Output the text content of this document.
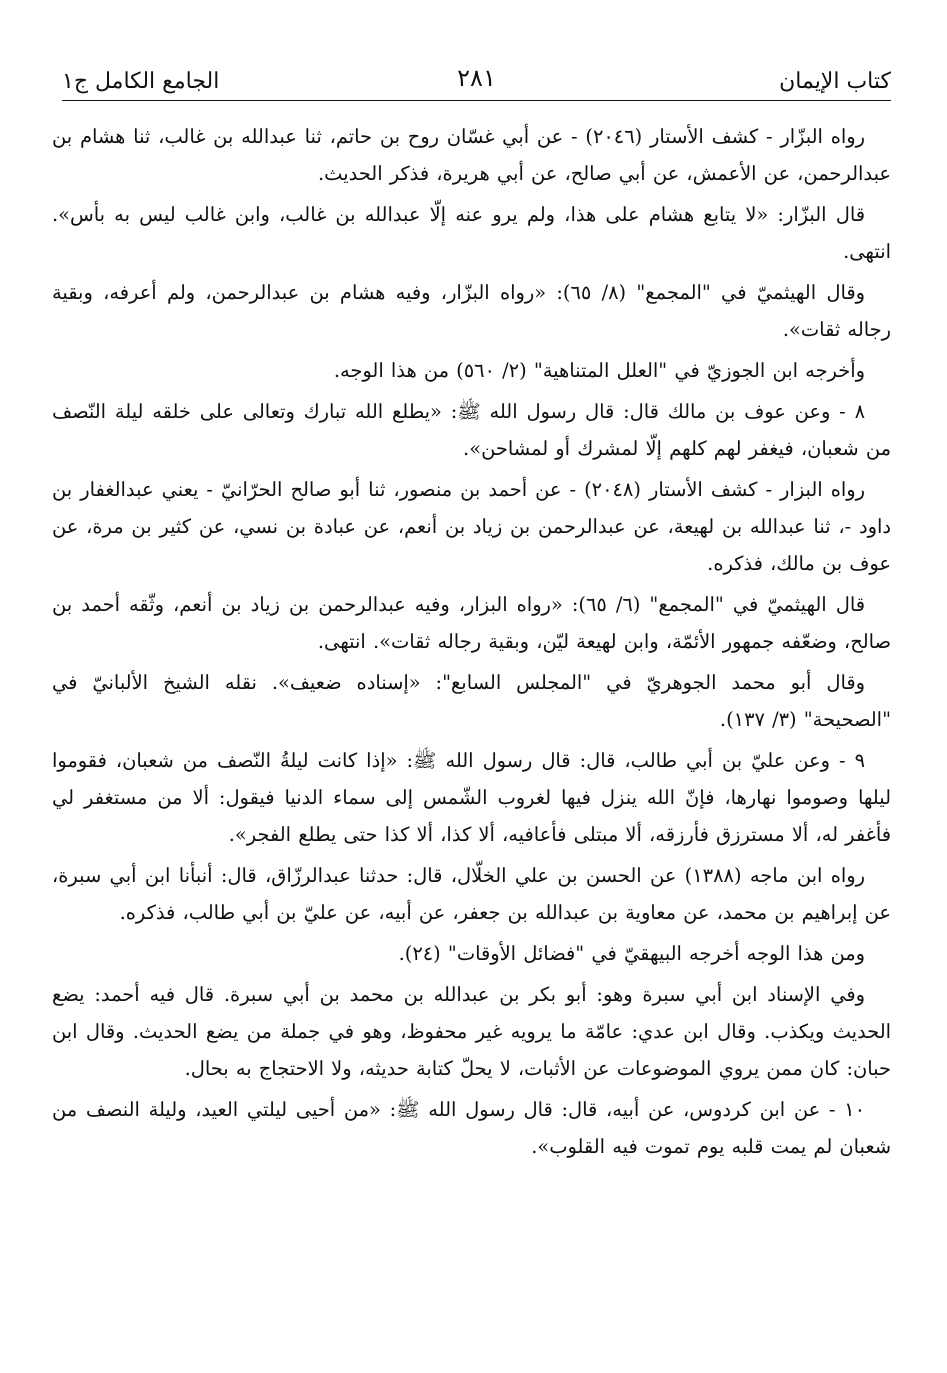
كتاب الإيمان
٢٨١
الجامع الكامل ج١

رواه البزّار - كشف الأستار (٢٠٤٦) - عن أبي غسّان روح بن حاتم، ثنا عبدالله بن غالب، ثنا هشام بن عبدالرحمن، عن الأعمش، عن أبي صالح، عن أبي هريرة، فذكر الحديث.

قال البزّار: «لا يتابع هشام على هذا، ولم يرو عنه إلّا عبدالله بن غالب، وابن غالب ليس به بأس». انتهى.

وقال الهيثميّ في "المجمع" (٨/ ٦٥): «رواه البزّار، وفيه هشام بن عبدالرحمن، ولم أعرفه، وبقية رجاله ثقات».

وأخرجه ابن الجوزيّ في "العلل المتناهية" (٢/ ٥٦٠) من هذا الوجه.

٨ - وعن عوف بن مالك قال: قال رسول الله ﷺ: «يطلع الله تبارك وتعالى على خلقه ليلة النّصف من شعبان، فيغفر لهم كلهم إلّا لمشرك أو لمشاحن».

رواه البزار - كشف الأستار (٢٠٤٨) - عن أحمد بن منصور، ثنا أبو صالح الحرّانيّ - يعني عبدالغفار بن داود -، ثنا عبدالله بن لهيعة، عن عبدالرحمن بن زياد بن أنعم، عن عبادة بن نسي، عن كثير بن مرة، عن عوف بن مالك، فذكره.

قال الهيثميّ في "المجمع" (٦/ ٦٥): «رواه البزار، وفيه عبدالرحمن بن زياد بن أنعم، وثّقه أحمد بن صالح، وضعّفه جمهور الأئمّة، وابن لهيعة ليّن، وبقية رجاله ثقات». انتهى.

وقال أبو محمد الجوهريّ في "المجلس السابع": «إسناده ضعيف». نقله الشيخ الألبانيّ في "الصحيحة" (٣/ ١٣٧).

٩ - وعن عليّ بن أبي طالب، قال: قال رسول الله ﷺ: «إذا كانت ليلةُ النّصف من شعبان، فقوموا ليلها وصوموا نهارها، فإنّ الله ينزل فيها لغروب الشّمس إلى سماء الدنيا فيقول: ألا من مستغفر لي فأغفر له، ألا مسترزق فأرزقه، ألا مبتلى فأعافيه، ألا كذا، ألا كذا حتى يطلع الفجر».

رواه ابن ماجه (١٣٨٨) عن الحسن بن علي الخلّال، قال: حدثنا عبدالرزّاق، قال: أنبأنا ابن أبي سبرة، عن إبراهيم بن محمد، عن معاوية بن عبدالله بن جعفر، عن أبيه، عن عليّ بن أبي طالب، فذكره.

ومن هذا الوجه أخرجه البيهقيّ في "فضائل الأوقات" (٢٤).

وفي الإسناد ابن أبي سبرة وهو: أبو بكر بن عبدالله بن محمد بن أبي سبرة. قال فيه أحمد: يضع الحديث ويكذب. وقال ابن عدي: عامّة ما يرويه غير محفوظ، وهو في جملة من يضع الحديث. وقال ابن حبان: كان ممن يروي الموضوعات عن الأثبات، لا يحلّ كتابة حديثه، ولا الاحتجاج به بحال.

١٠ - عن ابن كردوس، عن أبيه، قال: قال رسول الله ﷺ: «من أحيى ليلتي العيد، وليلة النصف من شعبان لم يمت قلبه يوم تموت فيه القلوب».
